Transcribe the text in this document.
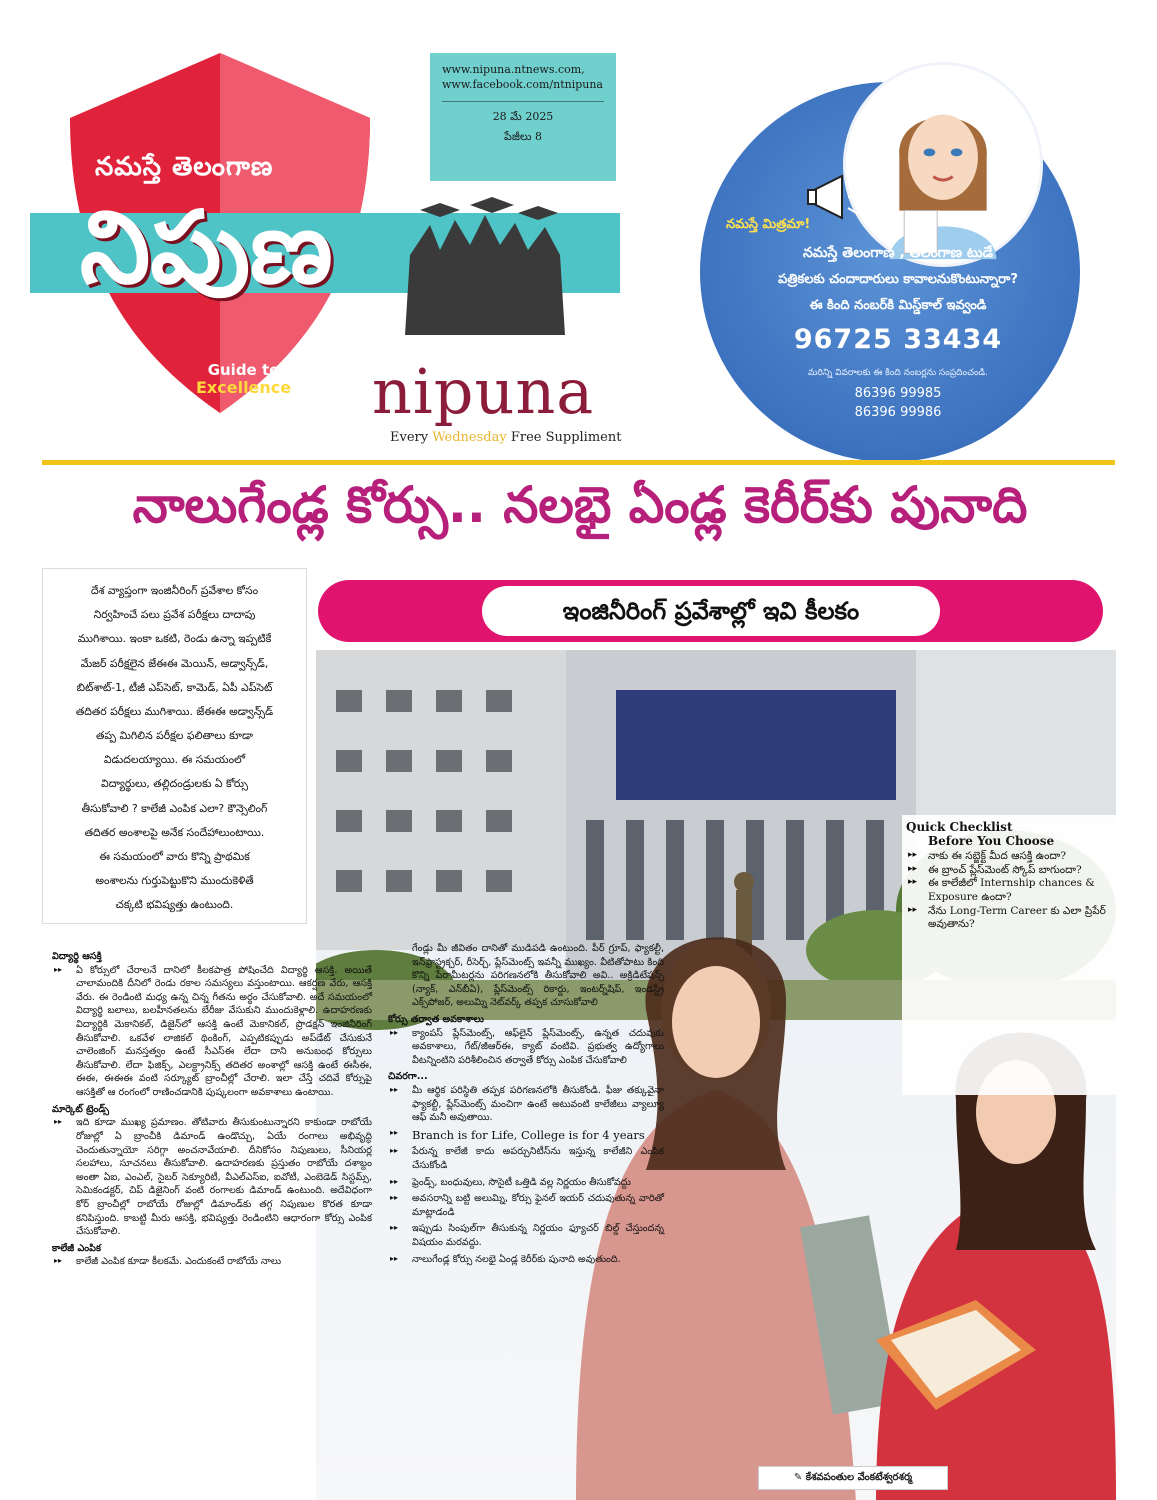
నమస్తే తెలంగాణ
నిపుణ
Guide to
Excellence nipuna
Every Wednesday Free Suppliment
www.nipuna.ntnews.com,
www.facebook.com/ntnipuna
28 మే 2025
పేజీలు 8
నమస్తే మిత్రమా!
నమస్తే తెలంగాణ , తెలంగాణ టుడే
పత్రికలకు చందాదారులు కావాలనుకొంటున్నారా?
ఈ కింది నంబర్‌కి మిస్డ్‌కాల్ ఇవ్వండి
96725 33434
మరిన్ని వివరాలకు ఈ కింది నంబర్లను సంప్రదించండి.
86396 99985
86396 99986
నాలుగేండ్ల కోర్సు.. నలభై ఏండ్ల కెరీర్‌కు పునాది
దేశ వ్యాప్తంగా ఇంజినీరింగ్ ప్రవేశాల కోసం
నిర్వహించే పలు ప్రవేశ పరీక్షలు దాదాపు
ముగిశాయి. ఇంకా ఒకటి, రెండు ఉన్నా ఇప్పటికే
మేజర్ పరీక్షలైన జేఈఈ మెయిన్, అడ్వాన్స్‌డ్,
బిట్‌శాట్-1, టీజీ ఎప్‌సెట్, కామెడ్, ఏపీ ఎప్‌సెట్
తదితర పరీక్షలు ముగిశాయి. జేఈఈ అడ్వాన్స్‌డ్
తప్ప మిగిలిన పరీక్షల ఫలితాలు కూడా
విడుదలయ్యాయి. ఈ సమయంలో
విద్యార్థులు, తల్లిదండ్రులకు ఏ కోర్సు
తీసుకోవాలి ? కాలేజీ ఎంపిక ఎలా? కౌన్సెలింగ్
తదితర అంశాలపై అనేక సందేహాలుంటాయి.
ఈ సమయంలో వారు కొన్ని ప్రాథమిక
అంశాలను గుర్తుపెట్టుకొని ముందుకెళితే
చక్కటి భవిష్యత్తు ఉంటుంది.
ఇంజినీరింగ్ ప్రవేశాల్లో ఇవి కీలకం
Quick Checklist
Before You Choose
▸▸ నాకు ఈ సబ్జెక్ట్ మీద ఆసక్తి ఉందా?
▸▸ ఈ బ్రాంచ్ ప్లేస్‌మెంట్ స్కోప్ బాగుందా?
▸▸ ఈ కాలేజీలో Internship chances & Exposure ఉందా?
▸▸ నేను Long-Term Career కు ఎలా ప్రిపేర్ అవుతాను?
విద్యార్థి ఆసక్తి
▸▸ ఏ కోర్సులో చేరాలనే దానిలో కీలకపాత్ర పోషించేది విద్యార్థి ఆసక్తి. అయితే చాలామందికి దీనిలో రెండు రకాల సమస్యలు వస్తుంటాయి. ఆకర్షణ వేరు, ఆసక్తి వేరు. ఈ రెండింటి మధ్య ఉన్న చిన్న గీతను అర్థం చేసుకోవాలి. అదే సమయంలో విద్యార్థి బలాలు, బలహీనతలను బేరీజు వేసుకుని ముందుకెళ్లాలి. ఉదాహరణకు విద్యార్థికి మెకానికల్, డిజైన్‌లో ఆసక్తి ఉంటే మెకానికల్, ప్రొడక్షన్ ఇంజినీరింగ్ తీసుకోవాలి. ఒకవేళ లాజికల్ థింకింగ్, ఎప్పటికప్పుడు అప్‌డేట్ చేసుకునే చాలెంజింగ్ మనస్తత్వం ఉంటే సీఎస్‌ఈ లేదా దాని అనుబంధ కోర్సులు తీసుకోవాలి. లేదా ఫిజిక్స్, ఎలక్ట్రానిక్స్ తదితర అంశాల్లో ఆసక్తి ఉంటే ఈసీఈ, ఈఈ, ఈఈఈ వంటి సర్క్యూట్ బ్రాంచీల్లో చేరాలి. ఇలా చేస్తే చదివే కోర్సుపై ఆసక్తితో ఆ రంగంలో రాణించడానికి పుష్కలంగా అవకాశాలు ఉంటాయి.
మార్కెట్ ట్రెండ్స్
▸▸ ఇది కూడా ముఖ్య ప్రమాణం. తోటివారు తీసుకుంటున్నారని కాకుండా రాబోయే రోజుల్లో ఏ బ్రాంచీకి డిమాండ్ ఉండొచ్చు, ఏయే రంగాలు అభివృద్ధి చెందుతున్నాయో సరిగ్గా అంచనావేయాలి. దీనికోసం నిపుణులు, సీనియర్ల సలహాలు, సూచనలు తీసుకోవాలి. ఉదాహరణకు ప్రస్తుతం రాబోయే దశాబ్దం అంతా ఏఐ, ఎంఎల్, సైబర్ సెక్యూరిటీ, వీఎల్‌ఎస్‌ఐ, ఐవోటీ, ఎంబెడెడ్ సిస్టమ్స్, సెమికండక్టర్, చిప్ డిజైనింగ్ వంటి రంగాలకు డిమాండ్ ఉంటుంది. అదేవిధంగా కోర్ బ్రాంచీల్లో రాబోయే రోజుల్లో డిమాండ్‌కు తగ్గ నిపుణుల కొరత కూడా కనిపిస్తుంది. కాబట్టి మీరు ఆసక్తి, భవిష్యత్తు రెండింటిని ఆధారంగా కోర్సు ఎంపిక చేసుకోవాలి.
కాలేజీ ఎంపిక
▸▸ కాలేజీ ఎంపిక కూడా కీలకమే. ఎందుకంటే రాబోయే నాలు
గేండ్లు మీ జీవితం దానితో ముడిపడి ఉంటుంది. పీర్ గ్రూప్, ఫ్యాకల్టీ, ఇన్‌ఫ్రాస్ట్రక్చర్, రీసెర్చ్, ప్లేస్‌మెంట్స్ ఇవన్నీ ముఖ్యం. వీటితోపాటు కింది కొన్ని పేరామీటర్లను పరిగణనలోకి తీసుకోవాలి అవి.. అక్రిడిటేషన్స్ (న్యాక్, ఎన్‌బీఏ), ప్లేస్‌మెంట్స్ రికార్డు, ఇంటర్న్‌షిప్, ఇండస్ట్రీ ఎక్స్‌పోజర్, అలుమ్ని నెట్‌వర్క్ తప్పక చూసుకోవాలి
కోర్సు తర్వాత అవకాశాలు
▸▸ క్యాంపస్ ప్లేస్‌మెంట్స్, ఆఫ్‌లైన్ ప్లేస్‌మెంట్స్, ఉన్నత చదువుకు అవకాశాలు, గేట్/జీఆర్‌ఈ, క్యాట్ వంటివి. ప్రభుత్వ ఉద్యోగాలు వీటన్నింటిని పరిశీలించిన తర్వాతే కోర్సు ఎంపిక చేసుకోవాలి
చివరగా...
▸▸ మీ ఆర్థిక పరిస్థితి తప్పక పరిగణనలోకి తీసుకోండి. ఫీజు తక్కువైనా ఫ్యాకల్టీ, ప్లేస్‌మెంట్స్ మంచిగా ఉంటే అటువంటి కాలేజీలు వ్యాల్యూ ఆఫ్ మనీ అవుతాయి.
▸▸ Branch is for Life, College is for 4 years
▸▸ పేరున్న కాలేజీ కాదు అపర్చునిటీస్‌ను ఇస్తున్న కాలేజీని ఎంపిక చేసుకోండి
▸▸ ఫ్రెండ్స్, బంధువులు, సొసైటీ ఒత్తిడి వల్ల నిర్ణయం తీసుకోవద్దు
▸▸ అవసరాన్ని బట్టి అలుమ్ని, కోర్సు ఫైనల్ ఇయర్ చదువుతున్న వారితో మాట్లాడండి
▸▸ ఇప్పుడు సింపుల్‌గా తీసుకున్న నిర్ణయం ఫ్యూచర్ బిల్డ్ చేస్తుందన్న విషయం మరవద్దు.
▸▸ నాలుగేండ్ల కోర్సు నలభై ఏండ్ల కెరీర్‌కు పునాది అవుతుంది.
✎ కేశవపంతుల వేంకటేశ్వరశర్మ
